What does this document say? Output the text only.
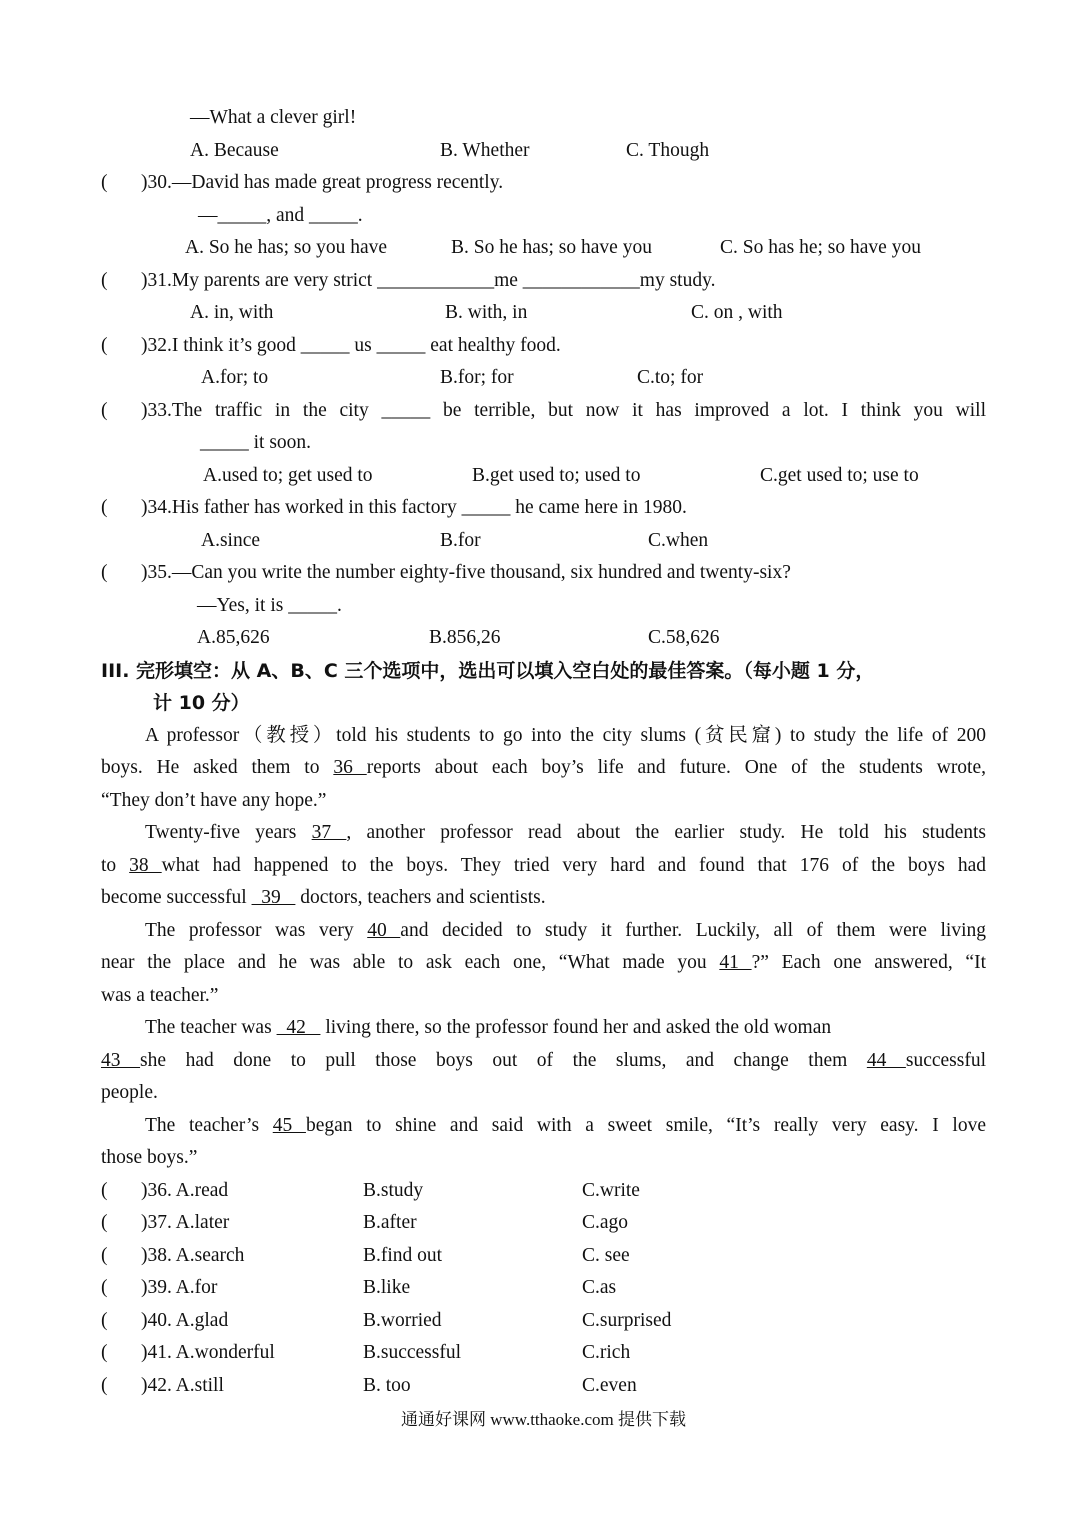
—What a clever girl!
A. Because	B. Whether	C. Though
( )30.—David has made great progress recently.
—_____, and _____.
A. So he has; so you have	B. So he has; so have you	C. So has he; so have you
( )31.My parents are very strict ____________me ____________my study.
A. in, with	B. with, in	C. on , with
( )32.I think it’s good _____ us _____ eat healthy food.
A.for; to	B.for; for	C.to; for
( )33.The traffic in the city _____ be terrible, but now it has improved a lot. I think you will
_____ it soon.
A.used to; get used to	B.get used to; used to	C.get used to; use to
( )34.His father has worked in this factory _____ he came here in 1980.
A.since	B.for	C.when
( )35.—Can you write the number eighty-five thousand, six hundred and twenty-six?
—Yes, it is _____.
A.85,626	B.856,26	C.58,626
III. 完形填空：从 A、B、C 三个选项中，选出可以填入空白处的最佳答案。（每小题 1 分，
计 10 分）
A professor（教授）told his students to go into the city slums (贫民窟) to study the life of 200
boys. He asked them to 36 reports about each boy’s life and future. One of the students wrote,
“They don’t have any hope.”
Twenty-five years 37 , another professor read about the earlier study. He told his students
to 38 what had happened to the boys. They tried very hard and found that 176 of the boys had
become successful   39    doctors, teachers and scientists.
The professor was very 40 and decided to study it further. Luckily, all of them were living
near the place and he was able to ask each one, “What made you 41 ?” Each one answered, “It
was a teacher.”
The teacher was   42    living there, so the professor found her and asked the old woman
43 she had done to pull those boys out of the slums, and change them 44 successful
people.
The teacher’s 45 began to shine and said with a sweet smile, “It’s really very easy. I love
those boys.”
( )36. A.read	B.study	C.write
( )37. A.later	B.after	C.ago
( )38. A.search	B.find out	C. see
( )39. A.for	B.like	C.as
( )40. A.glad	B.worried	C.surprised
( )41. A.wonderful	B.successful	C.rich
( )42. A.still	B. too	C.even
通通好课网 www.tthaoke.com 提供下载
